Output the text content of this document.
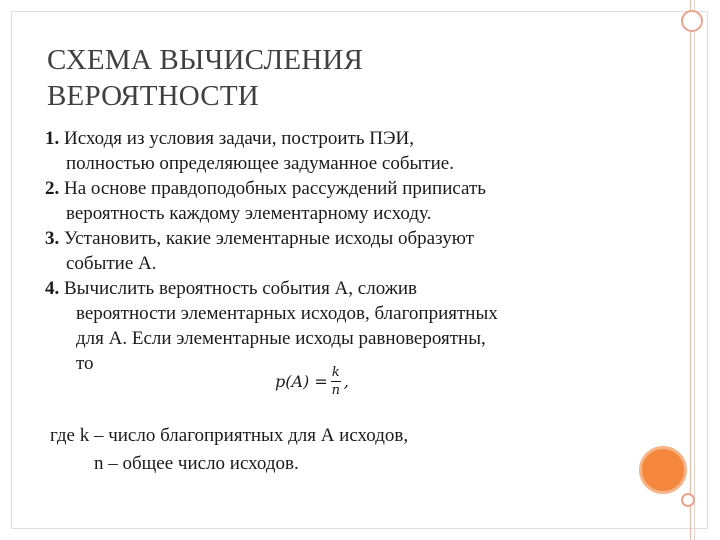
СХЕМА ВЫЧИСЛЕНИЯ
ВЕРОЯТНОСТИ
1. Исходя из условия задачи, построить ПЭИ,
полностью определяющее задуманное событие.
2. На основе правдоподобных рассуждений приписать
вероятность каждому элементарному исходу.
3. Установить, какие элементарные исходы образуют
событие А.
4. Вычислить вероятность события А, сложив
вероятности элементарных исходов, благоприятных
для А. Если элементарные исходы равновероятны,
то
$p(A) = \frac{k}{n}$ ,
где k – число благоприятных для А исходов,
n – общее число исходов.
